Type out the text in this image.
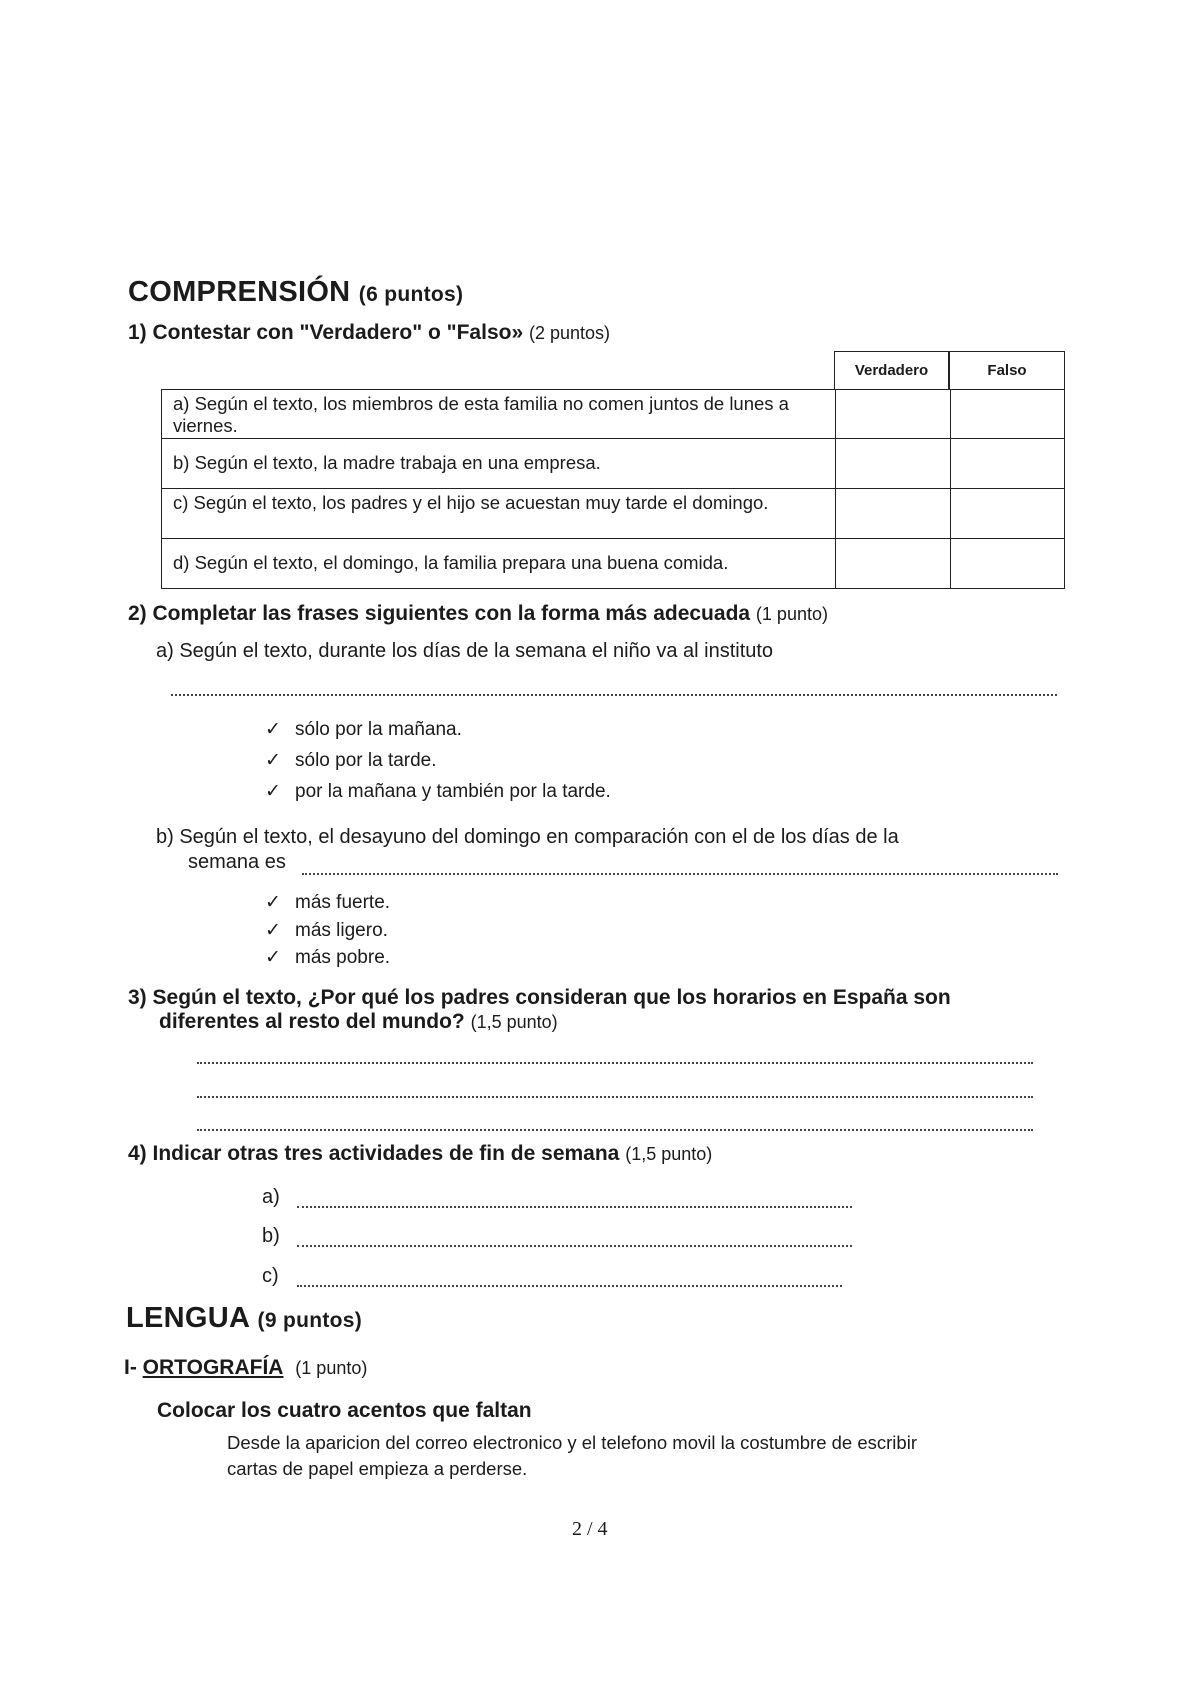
COMPRENSIÓN (6 puntos)
1) Contestar con "Verdadero" o "Falso» (2 puntos)
Verdadero	Falso
a) Según el texto, los miembros de esta familia no comen juntos de lunes a viernes.
b) Según el texto, la madre trabaja en una empresa.
c) Según el texto, los padres y el hijo se acuestan muy tarde el domingo.
d) Según el texto, el domingo, la familia prepara una buena comida.
2) Completar las frases siguientes con la forma más adecuada (1 punto)
a) Según el texto, durante los días de la semana el niño va al instituto
✓ sólo por la mañana.
✓ sólo por la tarde.
✓ por la mañana y también por la tarde.
b) Según el texto, el desayuno del domingo en comparación con el de los días de la
semana es
✓ más fuerte.
✓ más ligero.
✓ más pobre.
3) Según el texto, ¿Por qué los padres consideran que los horarios en España son
diferentes al resto del mundo? (1,5 punto)
4) Indicar otras tres actividades de fin de semana (1,5 punto)
a)
b)
c)
LENGUA (9 puntos)
I- ORTOGRAFÍA (1 punto)
Colocar los cuatro acentos que faltan
Desde la aparicion del correo electronico y el telefono movil la costumbre de escribir
cartas de papel empieza a perderse.
2 / 4
